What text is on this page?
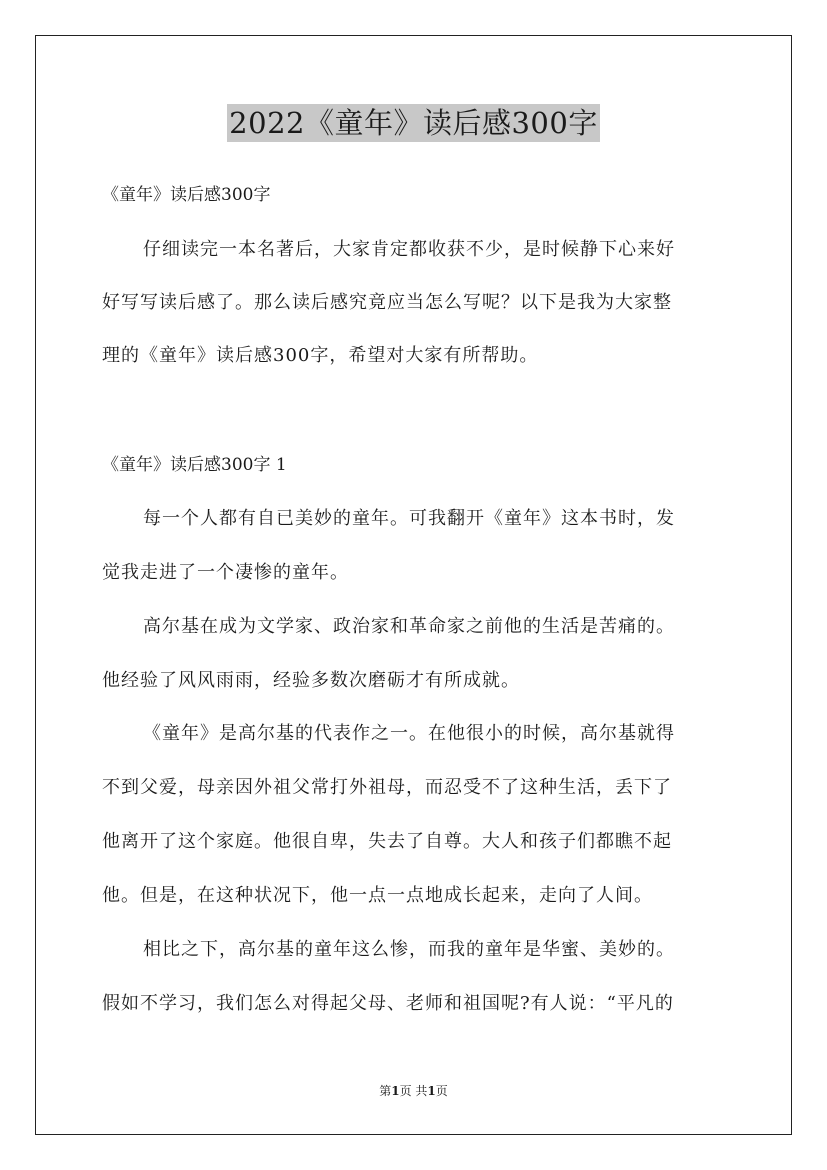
2022《童年》读后感300字
《童年》读后感300字
仔细读完一本名著后，大家肯定都收获不少，是时候静下心来好
好写写读后感了。那么读后感究竟应当怎么写呢？以下是我为大家整
理的《童年》读后感300字，希望对大家有所帮助。
《童年》读后感300字 1
每一个人都有自已美妙的童年。可我翻开《童年》这本书时，发
觉我走进了一个凄惨的童年。
高尔基在成为文学家、政治家和革命家之前他的生活是苦痛的。
他经验了风风雨雨，经验多数次磨砺才有所成就。
《童年》是高尔基的代表作之一。在他很小的时候，高尔基就得
不到父爱，母亲因外祖父常打外祖母，而忍受不了这种生活，丢下了
他离开了这个家庭。他很自卑，失去了自尊。大人和孩子们都瞧不起
他。但是，在这种状况下，他一点一点地成长起来，走向了人间。
相比之下，高尔基的童年这么惨，而我的童年是华蜜、美妙的。
假如不学习，我们怎么对得起父母、老师和祖国呢?有人说：“平凡的
第1页 共1页
